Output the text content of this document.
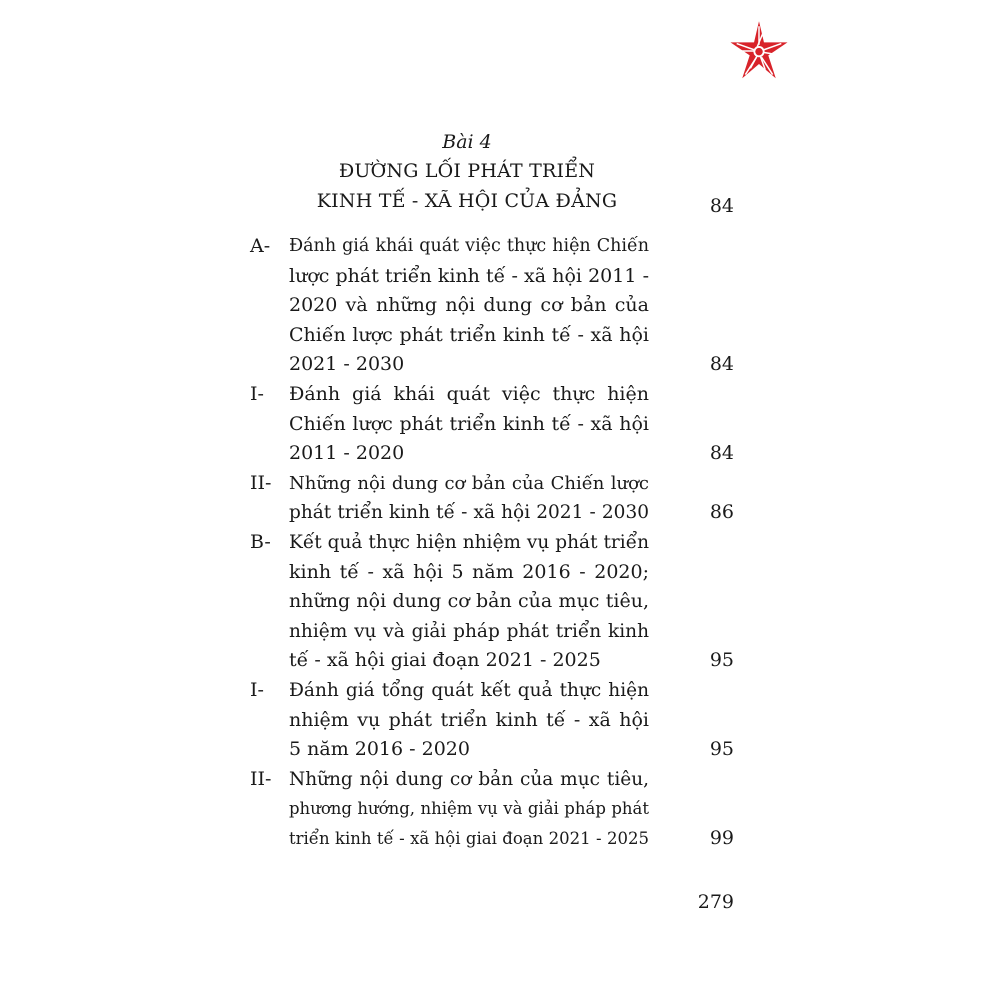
Bài 4
ĐƯỜNG LỐI PHÁT TRIỂN
KINH TẾ - XÃ HỘI CỦA ĐẢNG	84
A-	Đánh giá khái quát việc thực hiện Chiến
lược phát triển kinh tế - xã hội 2011 -
2020 và những nội dung cơ bản của
Chiến lược phát triển kinh tế - xã hội
2021 - 2030	84
I-	Đánh giá khái quát việc thực hiện
Chiến lược phát triển kinh tế - xã hội
2011 - 2020	84
II- Những nội dung cơ bản của Chiến lược
phát triển kinh tế - xã hội 2021 - 2030	86
B- Kết quả thực hiện nhiệm vụ phát triển
kinh tế - xã hội 5 năm 2016 - 2020;
những nội dung cơ bản của mục tiêu,
nhiệm vụ và giải pháp phát triển kinh
tế - xã hội giai đoạn 2021 - 2025	95
I-	Đánh giá tổng quát kết quả thực hiện
nhiệm vụ phát triển kinh tế - xã hội
5 năm 2016 - 2020	95
II- Những nội dung cơ bản của mục tiêu,
phương hướng, nhiệm vụ và giải pháp phát
triển kinh tế - xã hội giai đoạn 2021 - 2025	99
279
